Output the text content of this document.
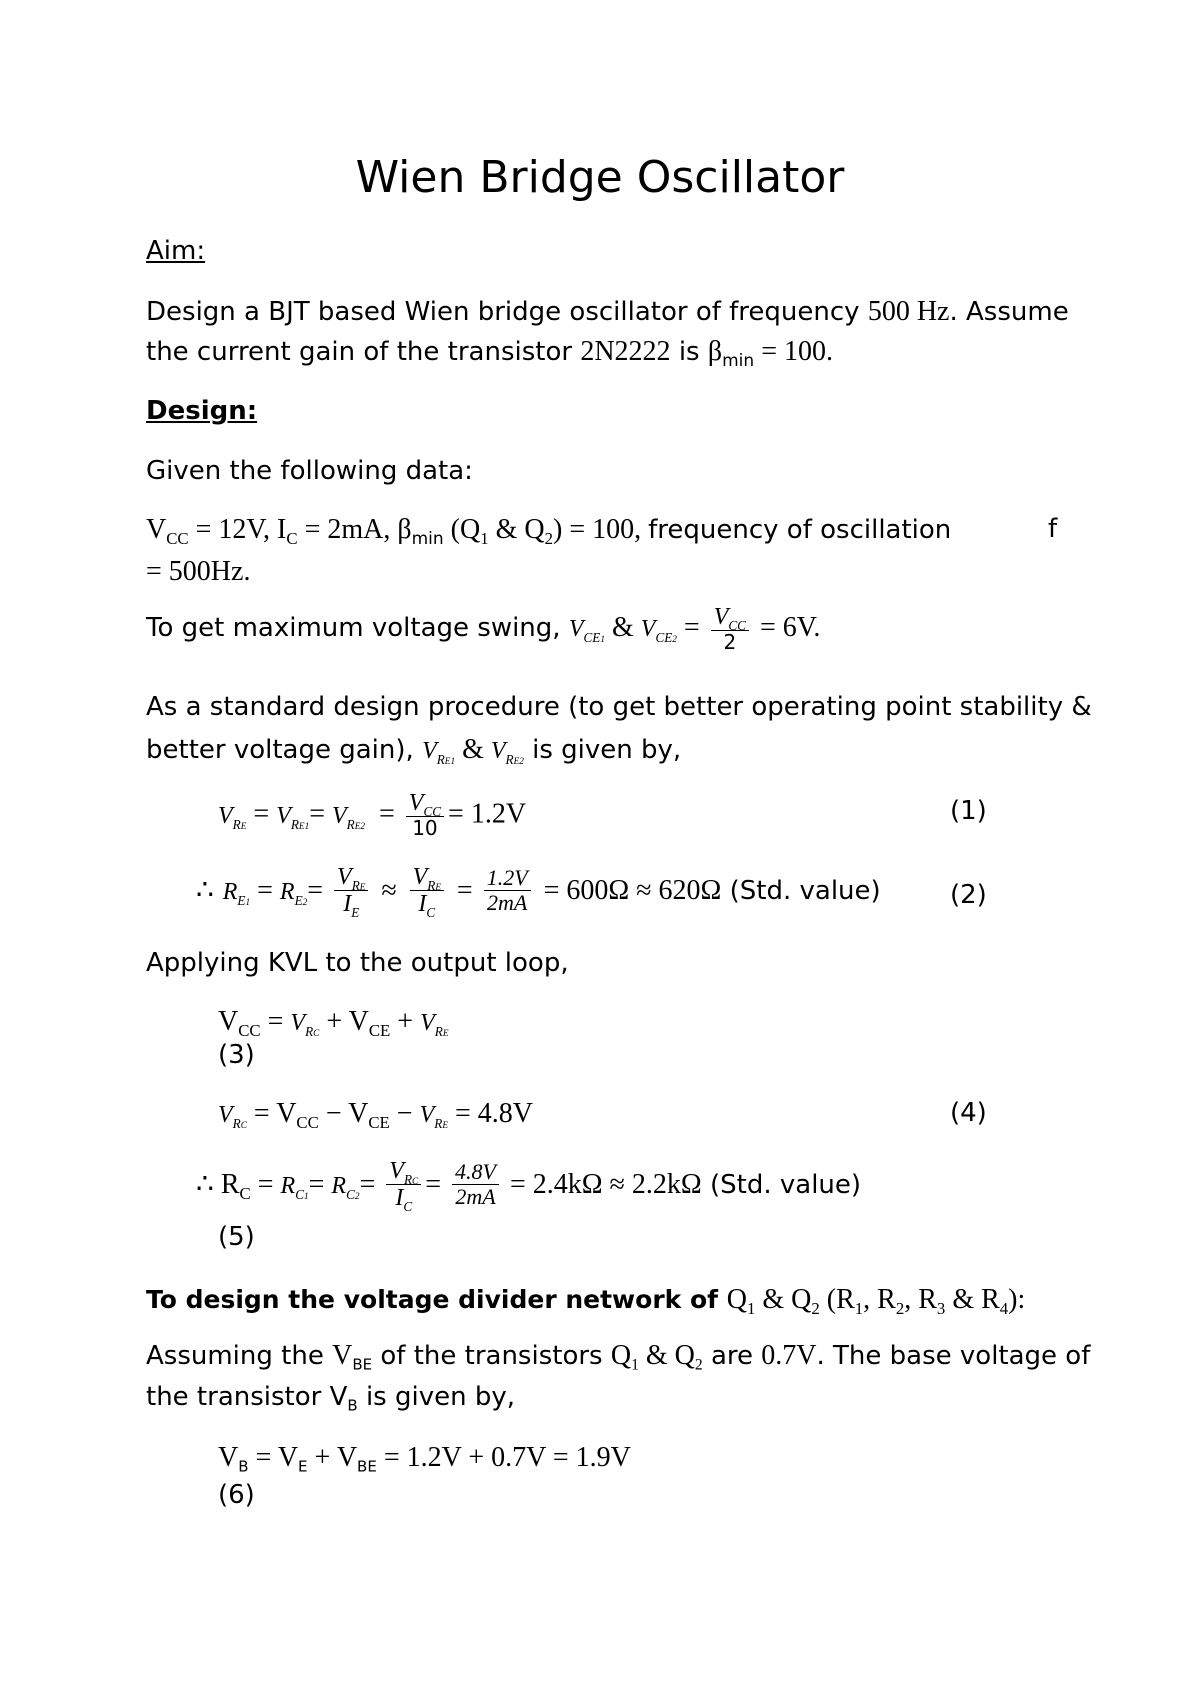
Wien Bridge Oscillator
Aim:
Design a BJT based Wien bridge oscillator of frequency 500 Hz. Assume
the current gain of the transistor 2N2222 is $\beta_{min} = 100$.
Design:
Given the following data:
$V_{CC} = 12V$, $I_C = 2mA$, $\beta_{min}$ ($Q_1$ & $Q_2) = 100$, frequency of oscillation	f
= 500Hz.
To get maximum voltage swing, $V_{CE1}$ & $V_{CE2} = \frac{V_{CC}}{2} = 6V$.
As a standard design procedure (to get better operating point stability &
better voltage gain), $V_{RE1}$ & $V_{RE2}$ is given by,
$V_{RE} = V_{RE1}= V_{RE2} = \frac{V_{CC}}{10} = 1.2V$	(1)
∴ $R_{E1} = R_{E2}= \frac{V_{RE}}{I_E} \approx \frac{V_{RE}}{I_C} = \frac{1.2V}{2mA} = 600\Omega \approx 620\Omega$ (Std. value)	(2)
Applying KVL to the output loop,
$V_{CC} = V_{RC} + V_{CE} + V_{RE}$
(3)
$V_{RC} = V_{CC} - V_{CE} - V_{RE} = 4.8V$	(4)
∴ $R_C = R_{C1}= R_{C2}= \frac{V_{RC}}{I_C} = \frac{4.8V}{2mA} = 2.4k\Omega \approx 2.2k\Omega$ (Std. value)
(5)
To design the voltage divider network of $Q_1$ & $Q_2$ ($R_1$, $R_2$, $R_3$ & $R_4$):
Assuming the $V_{BE}$ of the transistors $Q_1$ & $Q_2$ are 0.7V. The base voltage of
the transistor $V_B$ is given by,
$V_B = V_E + V_{BE} = 1.2V + 0.7V = 1.9V$
(6)
